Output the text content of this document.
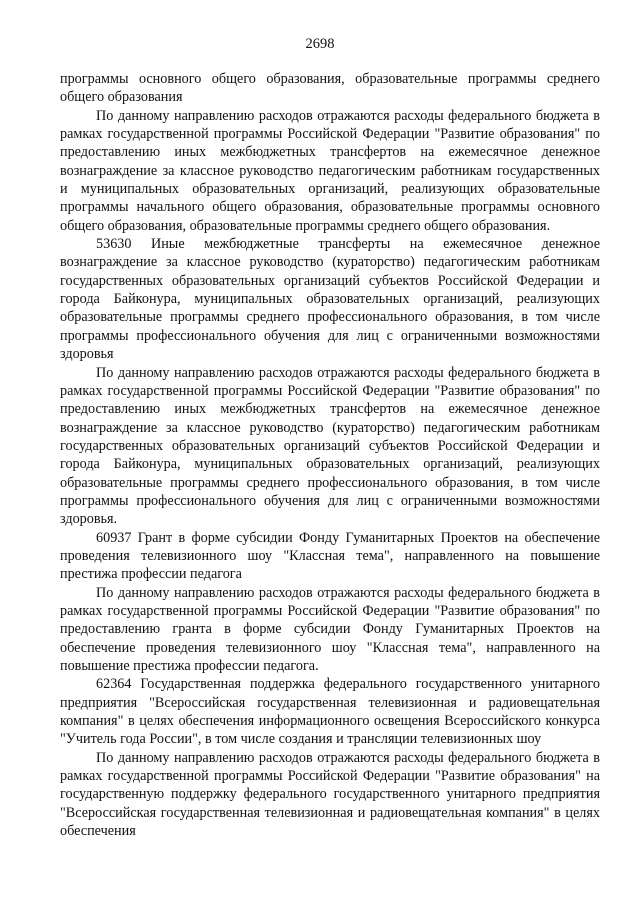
2698

программы основного общего образования, образовательные программы среднего общего образования

По данному направлению расходов отражаются расходы федерального бюджета в рамках государственной программы Российской Федерации "Развитие образования" по предоставлению иных межбюджетных трансфертов на ежемесячное денежное вознаграждение за классное руководство педагогическим работникам государственных и муниципальных образовательных организаций, реализующих образовательные программы начального общего образования, образовательные программы основного общего образования, образовательные программы среднего общего образования.

53630 Иные межбюджетные трансферты на ежемесячное денежное вознаграждение за классное руководство (кураторство) педагогическим работникам государственных образовательных организаций субъектов Российской Федерации и города Байконура, муниципальных образовательных организаций, реализующих образовательные программы среднего профессионального образования, в том числе программы профессионального обучения для лиц с ограниченными возможностями здоровья

По данному направлению расходов отражаются расходы федерального бюджета в рамках государственной программы Российской Федерации "Развитие образования" по предоставлению иных межбюджетных трансфертов на ежемесячное денежное вознаграждение за классное руководство (кураторство) педагогическим работникам государственных образовательных организаций субъектов Российской Федерации и города Байконура, муниципальных образовательных организаций, реализующих образовательные программы среднего профессионального образования, в том числе программы профессионального обучения для лиц с ограниченными возможностями здоровья.

60937 Грант в форме субсидии Фонду Гуманитарных Проектов на обеспечение проведения телевизионного шоу "Классная тема", направленного на повышение престижа профессии педагога

По данному направлению расходов отражаются расходы федерального бюджета в рамках государственной программы Российской Федерации "Развитие образования" по предоставлению гранта в форме субсидии Фонду Гуманитарных Проектов на обеспечение проведения телевизионного шоу "Классная тема", направленного на повышение престижа профессии педагога.

62364 Государственная поддержка федерального государственного унитарного предприятия "Всероссийская государственная телевизионная и радиовещательная компания" в целях обеспечения информационного освещения Всероссийского конкурса "Учитель года России", в том числе создания и трансляции телевизионных шоу

По данному направлению расходов отражаются расходы федерального бюджета в рамках государственной программы Российской Федерации "Развитие образования" на государственную поддержку федерального государственного унитарного предприятия "Всероссийская государственная телевизионная и радиовещательная компания" в целях обеспечения
